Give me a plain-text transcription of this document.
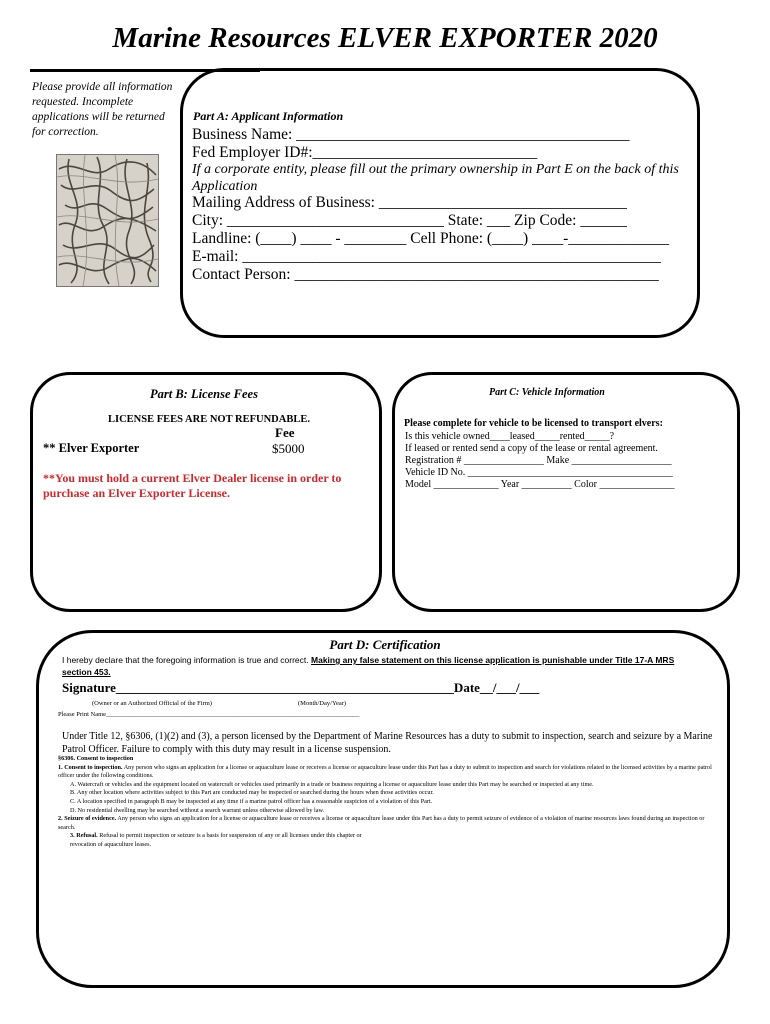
Marine Resources ELVER EXPORTER 2020
Please provide all information requested. Incomplete applications will be returned for correction.
Part A: Applicant Information
Business Name: ___________________________________________
Fed Employer ID#:_____________________________
If a corporate entity, please fill out the primary ownership in Part E on the back of this Application
Mailing Address of Business: ________________________________
City: ____________________________ State: ___ Zip Code: ______
Landline: (____) ____ - ________ Cell Phone: (____) ____-_____________
E-mail: ______________________________________________________
Contact Person: _______________________________________________
Part B: License Fees
LICENSE FEES ARE NOT REFUNDABLE.
Fee
** Elver Exporter	$5000
**You must hold a current Elver Dealer license in order to purchase an Elver Exporter License.
Part C: Vehicle Information
Please complete for vehicle to be licensed to transport elvers:
Is this vehicle owned____leased_____rented_____?
If leased or rented send a copy of the lease or rental agreement.
Registration # ________________ Make ____________________
Vehicle ID No. _________________________________________
Model _____________ Year __________ Color _______________
Part D: Certification
I hereby declare that the foregoing information is true and correct. Making any false statement on this license application is punishable under Title 17-A MRS section 453.
Signature____________________________________________________Date__/___/___
(Owner or an Authorized Official of the Firm)	(Month/Day/Year)
Please Print Name______________________________________________________________________________
Under Title 12, §6306, (1)(2) and (3), a person licensed by the Department of Marine Resources has a duty to submit to inspection, search and seizure by a Marine Patrol Officer. Failure to comply with this duty may result in a license suspension.
§6306. Consent to inspection
1. Consent to inspection. Any person who signs an application for a license or aquaculture lease or receives a license or aquaculture lease under this Part has a duty to submit to inspection and search for violations related to the licensed activities by a marine patrol officer under the following conditions.
A. Watercraft or vehicles and the equipment located on watercraft or vehicles used primarily in a trade or business requiring a license or aquaculture lease under this Part may be searched or inspected at any time.
B. Any other location where activities subject to this Part are conducted may be inspected or searched during the hours when those activities occur.
C. A location specified in paragraph B may be inspected at any time if a marine patrol officer has a reasonable suspicion of a violation of this Part.
D. No residential dwelling may be searched without a search warrant unless otherwise allowed by law.
2. Seizure of evidence. Any person who signs an application for a license or aquaculture lease or receives a license or aquaculture lease under this Part has a duty to permit seizure of evidence of a violation of marine resources laws found during an inspection or search.
3. Refusal. Refusal to permit inspection or seizure is a basis for suspension of any or all licenses under this chapter or revocation of aquaculture leases.
